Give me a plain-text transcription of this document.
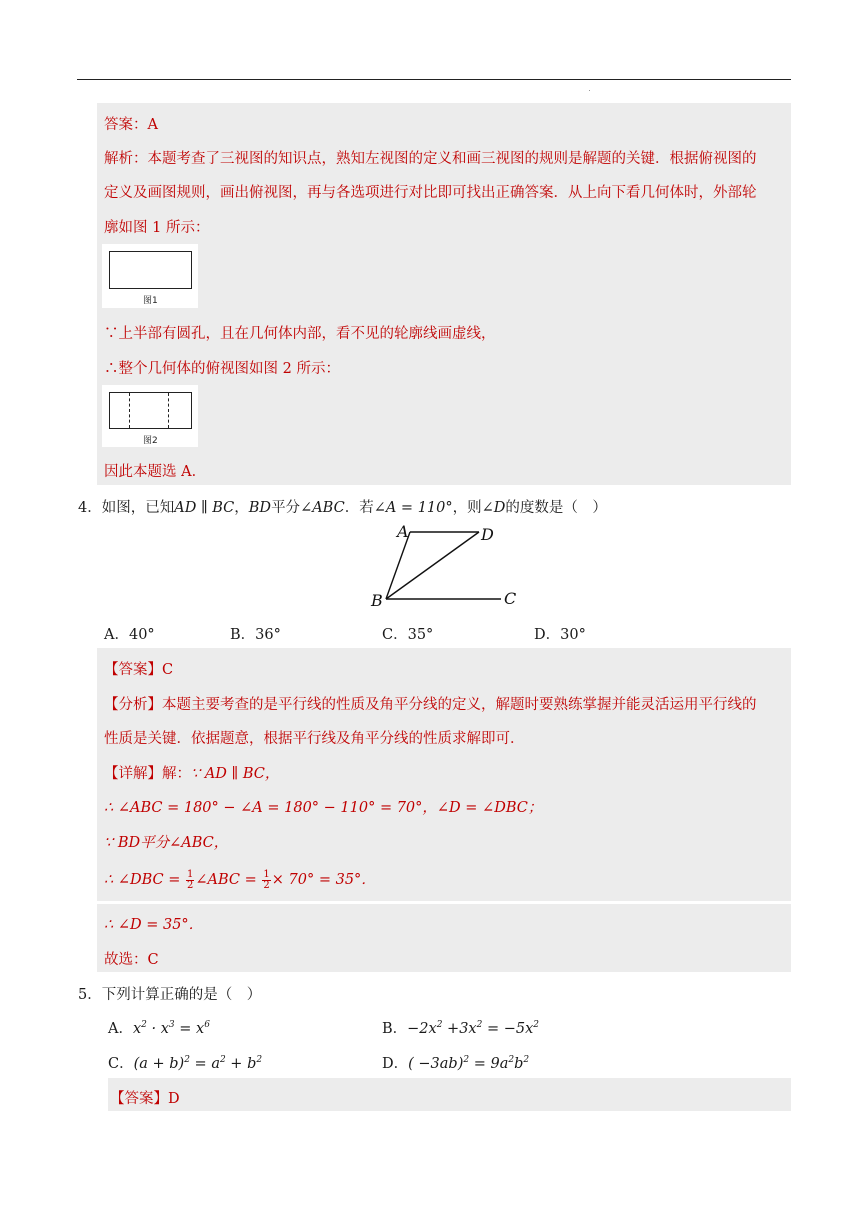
答案：A
解析：本题考查了三视图的知识点，熟知左视图的定义和画三视图的规则是解题的关键．根据俯视图的
定义及画图规则，画出俯视图，再与各选项进行对比即可找出正确答案．从上向下看几何体时，外部轮
廓如图 1 所示：
图1
∵上半部有圆孔，且在几何体内部，看不见的轮廓线画虚线，
∴整个几何体的俯视图如图 2 所示：
图2
因此本题选 A．
4．如图，已知AD ∥ BC，BD平分∠ABC．若∠A = 110°，则∠D的度数是（　）
A	D
B	C
A．40°	B．36°	C．35°	D．30°
【答案】C
【分析】本题主要考查的是平行线的性质及角平分线的定义，解题时要熟练掌握并能灵活运用平行线的
性质是关键．依据题意，根据平行线及角平分线的性质求解即可．
【详解】解：∵ AD ∥ BC，
∴ ∠ABC = 180° − ∠A = 180° − 110° = 70°，∠D = ∠DBC；
∵ BD平分∠ABC，
∴ ∠DBC = $\frac{1}{2}$ ∠ABC = $\frac{1}{2} \times 70^\circ = 35^\circ$．
∴ ∠D = 35°．
故选：C
5．下列计算正确的是（　）
A．$x^2 \cdot x^3 = x^6$	B．$-2x^2 +3x^2 = -5x^2$
C．$(a + b)^2 = a^2 + b^2$	D．( $-3ab)^2 = 9a^2b^2$
【答案】D
